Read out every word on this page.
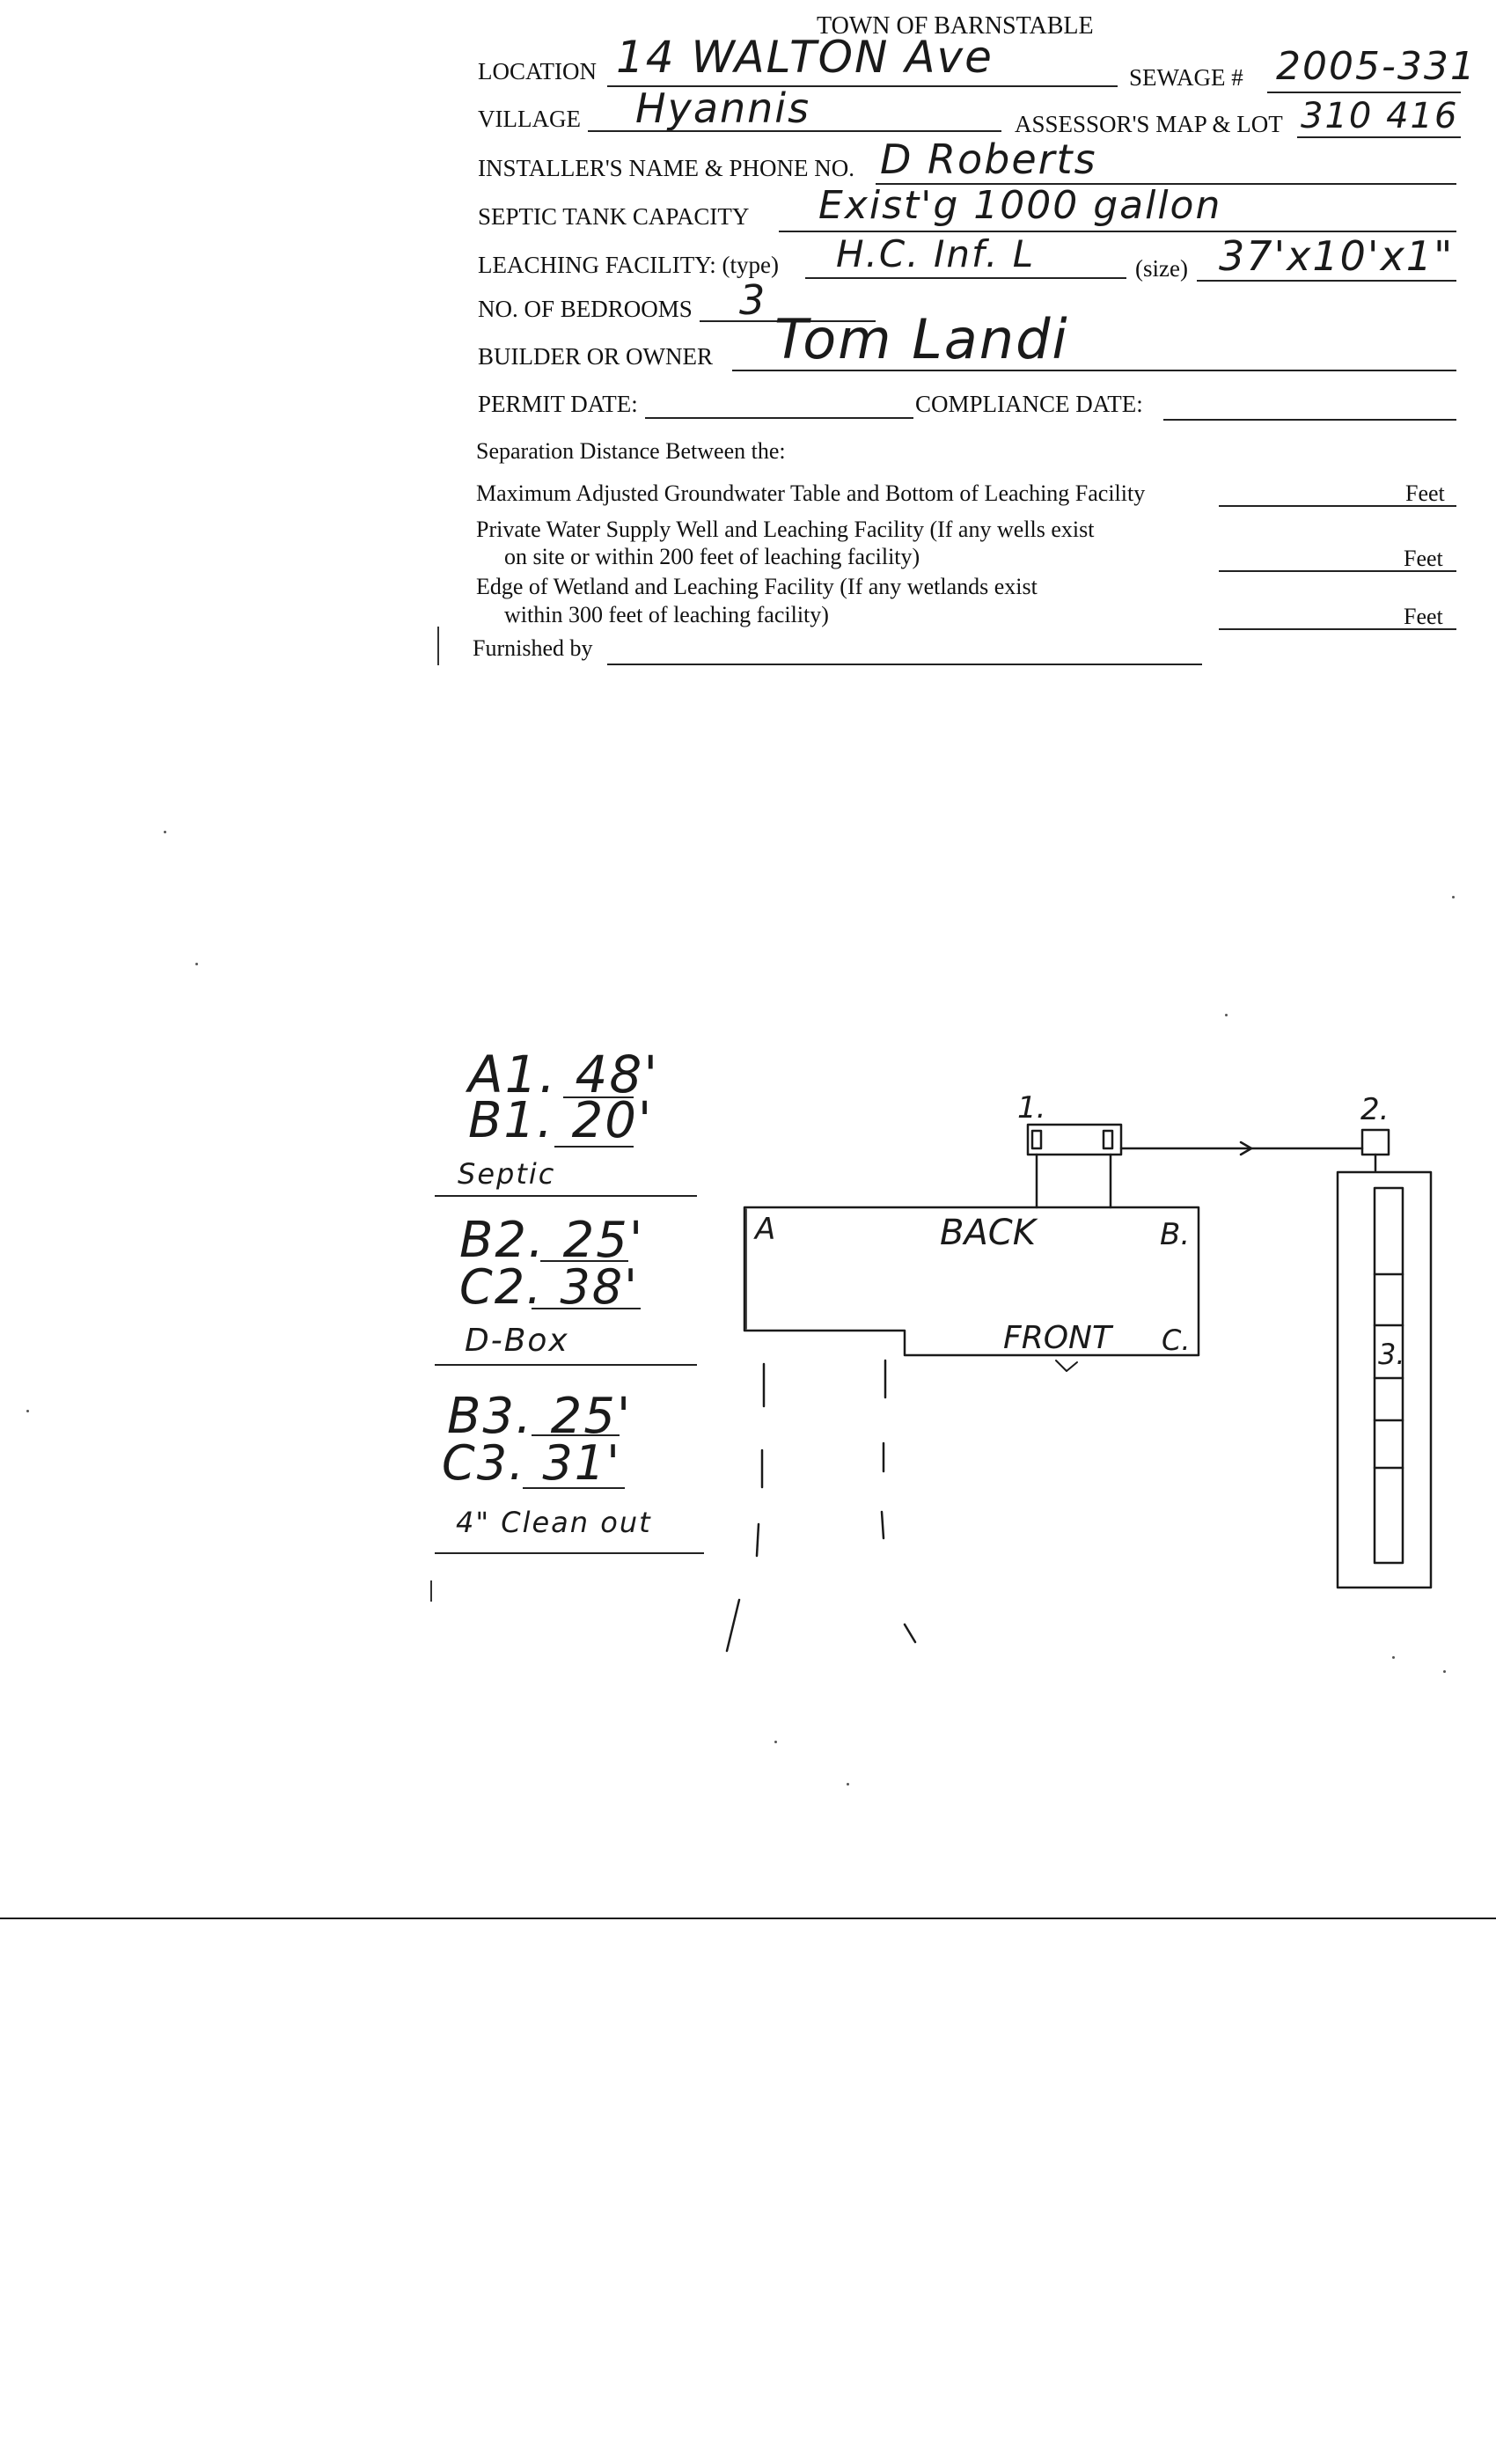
TOWN OF BARNSTABLE
LOCATION 14 WALTON Ave	SEWAGE # 2005-331
VILLAGE Hyannis	ASSESSOR'S MAP & LOT 310 416
INSTALLER'S NAME & PHONE NO. D Roberts
SEPTIC TANK CAPACITY Exist'g 1000 gallon
LEACHING FACILITY: (type) H.C. Inf. L	(size) 37'x10'x1"
NO. OF BEDROOMS 3
BUILDER OR OWNER Tom Landi
PERMIT DATE:	COMPLIANCE DATE:
Separation Distance Between the:
Maximum Adjusted Groundwater Table and Bottom of Leaching Facility	Feet
Private Water Supply Well and Leaching Facility (If any wells exist
on site or within 200 feet of leaching facility)	Feet
Edge of Wetland and Leaching Facility (If any wetlands exist
within 300 feet of leaching facility)	Feet
Furnished by
A1. 48'
B1. 20'
Septic
B2. 25'
C2. 38'
D-Box
B3. 25'
C3. 31'
4" Clean out
A	BACK	B.
FRONT C.
1.	2.
3.
